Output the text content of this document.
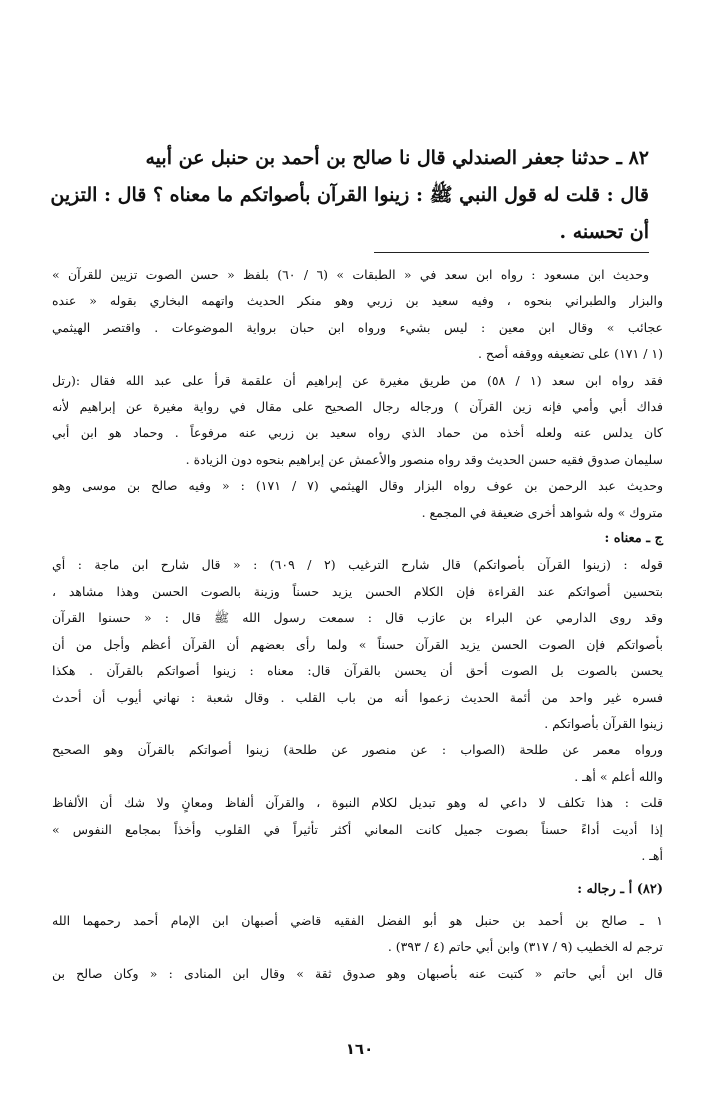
٨٢ ـ حدثنا جعفر الصندلي قال نا صالح بن أحمد بن حنبل عن أبيه
قال : قلت له قول النبي ﷺ : زينوا القرآن بأصواتكم ما معناه ؟ قال : التزين
أن تحسنه .
وحديث ابن مسعود : رواه ابن سعد في « الطبقات » (٦ / ٦٠) بلفظ « حسن الصوت تزيين للقرآن »
والبزار والطبراني بنحوه ، وفيه سعيد بن زربي وهو منكر الحديث واتهمه البخاري بقوله « عنده
عجائب » وقال ابن معين : ليس بشيء ورواه ابن حبان برواية الموضوعات . واقتصر الهيثمي
(١ / ١٧١) على تضعيفه ووقفه أصح .
فقد رواه ابن سعد (١ / ٥٨) من طريق مغيرة عن إبراهيم أن علقمة قرأ على عبد الله فقال :(رتل
فداك أبي وأمي فإنه زين القرآن ) ورجاله رجال الصحيح على مقال في رواية مغيرة عن إبراهيم لأنه
كان يدلس عنه ولعله أخذه من حماد الذي رواه سعيد بن زربي عنه مرفوعاً . وحماد هو ابن أبي
سليمان صدوق فقيه حسن الحديث وقد رواه منصور والأعمش عن إبراهيم بنحوه دون الزيادة .
وحديث عبد الرحمن بن عوف رواه البزار وقال الهيثمي (٧ / ١٧١) : « وفيه صالح بن موسى وهو
متروك » وله شواهد أخرى ضعيفة في المجمع .
ج ـ معناه :
قوله : (زينوا القرآن بأصواتكم) قال شارح الترغيب (٢ / ٦٠٩) : « قال شارح ابن ماجة : أي
بتحسين أصواتكم عند القراءة فإن الكلام الحسن يزيد حسناً وزينة بالصوت الحسن وهذا مشاهد ،
وقد روى الدارمي عن البراء بن عازب قال : سمعت رسول الله ﷺ قال : « حسنوا القرآن
بأصواتكم فإن الصوت الحسن يزيد القرآن حسناً » ولما رأى بعضهم أن القرآن أعظم وأجل من أن
يحسن بالصوت بل الصوت أحق أن يحسن بالقرآن قال: معناه : زينوا أصواتكم بالقرآن . هكذا
فسره غير واحد من أئمة الحديث زعموا أنه من باب القلب . وقال شعبة : نهاني أيوب أن أحدث
زينوا القرآن بأصواتكم .
ورواه معمر عن طلحة (الصواب : عن منصور عن طلحة) زينوا أصواتكم بالقرآن وهو الصحيح
والله أعلم » أهـ .
قلت : هذا تكلف لا داعي له وهو تبديل لكلام النبوة ، والقرآن ألفاظ ومعانٍ ولا شك أن الألفاظ
إذا أديت أداءً حسناً بصوت جميل كانت المعاني أكثر تأثيراً في القلوب وأخذاً بمجامع النفوس »
أهـ .
(٨٢) أ ـ رجاله :
١ ـ صالح بن أحمد بن حنبل هو أبو الفضل الفقيه قاضي أصبهان ابن الإمام أحمد رحمهما الله
ترجم له الخطيب (٩ / ٣١٧) وابن أبي حاتم (٤ / ٣٩٣) .
قال ابن أبي حاتم « كتبت عنه بأصبهان وهو صدوق ثقة » وقال ابن المنادى : « وكان صالح بن
١٦٠
